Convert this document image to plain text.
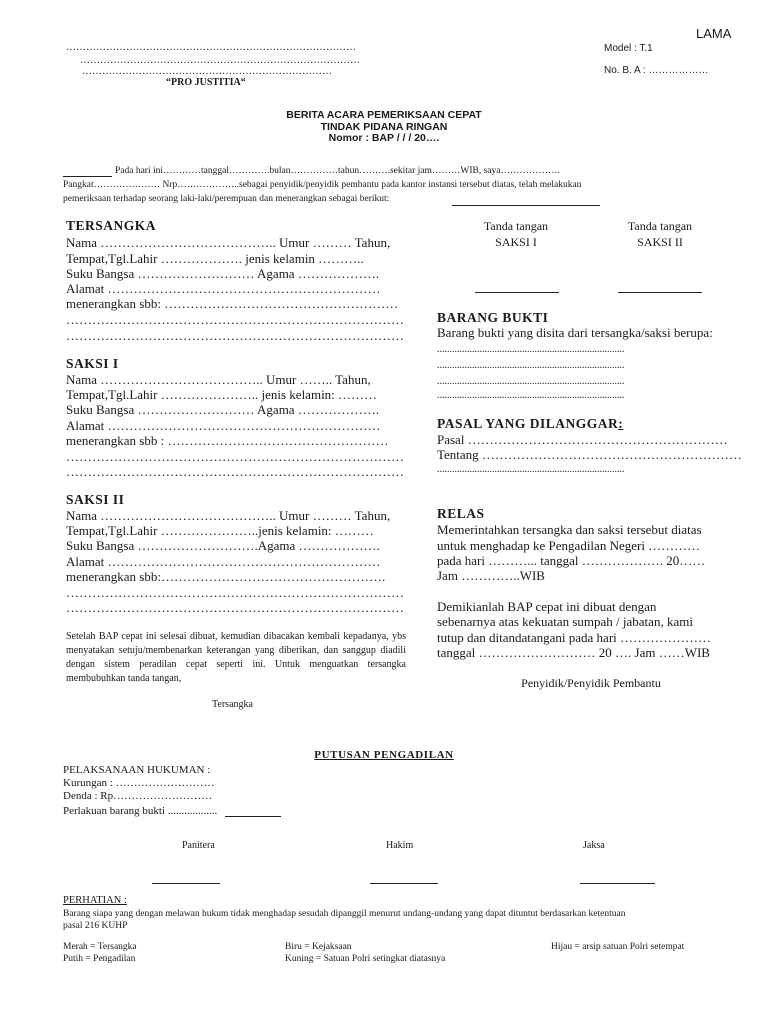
LAMA
……………………………………………………………………………
…………………………………………………………………………
…………………………………………………………………
“PRO JUSTITIA“
Model : T.1
No. B. A : ………………
BERITA ACARA PEMERIKSAAN CEPAT
TINDAK PIDANA RINGAN
Nomor : BAP / / / 20….
Pada hari ini…………tanggal………….bulan……………tahun……….sekitar jam………WIB, saya……………….
Pangkat………………… Nrp………………..sebagai penyidik/penyidik pembantu pada kantor instansi tersebut diatas, telah melakukan
pemeriksaan terhadap seorang laki-laki/perempuan dan menerangkan sebagai berikut:
TERSANGKA
Nama ………………………………….. Umur ……… Tahun,
Tempat,Tgl.Lahir ………………. jenis kelamin ………..
Suku Bangsa ……………………… Agama ……………….
Alamat ………………………………………………………
menerangkan sbb: ………………………………………………
……………………………………………………………………
……………………………………………………………………
SAKSI I
Nama ……………………………….. Umur …….. Tahun,
Tempat,Tgl.Lahir ………………….. jenis kelamin: ………
Suku Bangsa ……………………… Agama ……………….
Alamat ………………………………………………………
menerangkan sbb : ……………………………………………
……………………………………………………………………
……………………………………………………………………
SAKSI II
Nama ………………………………….. Umur ……… Tahun,
Tempat,Tgl.Lahir …………………..jenis kelamin: ………
Suku Bangsa ……………………….Agama ……………….
Alamat ………………………………………………………
menerangkan sbb:…………………………………………….
……………………………………………………………………
……………………………………………………………………
Setelah BAP cepat ini selesai dibuat, kemudian dibacakan kembali kepadanya, ybs menyatakan setuju/membenarkan keterangan yang diberikan, dan sanggup diadili dengan sistem peradilan cepat seperti ini. Untuk menguatkan tersangka membubuhkan tanda tangan,
Tersangka
Tanda tangan
SAKSI I
Tanda tangan
SAKSI II
BARANG BUKTI
Barang bukti yang disita dari tersangka/saksi berupa:
...........................................................................
...........................................................................
...........................................................................
...........................................................................
PASAL YANG DILANGGAR:
Pasal ……………………………………………………
Tentang ……………………………………………………
...........................................................................
RELAS
Memerintahkan tersangka dan saksi tersebut diatas
untuk menghadap ke Pengadilan Negeri …………
pada hari ………... tanggal ………………. 20……
Jam …………..WIB
Demikianlah BAP cepat ini dibuat dengan
sebenarnya atas kekuatan sumpah / jabatan, kami
tutup dan ditandatangani pada hari …………………
tanggal ……………………… 20 …. Jam ……WIB
Penyidik/Penyidik Pembantu
PUTUSAN PENGADILAN
PELAKSANAAN HUKUMAN :
Kurungan : ………………………
Denda : Rp………………………
Perlakuan barang bukti ..................
Panitera	Hakim	Jaksa
PERHATIAN :
Barang siapa yang dengan melawan hukum tidak menghadap sesudah dipanggil menurut undang-undang yang dapat dituntut berdasarkan ketentuan
pasal 216 KUHP
Merah = Tersangka
Putih = Pengadilan
Biru = Kejaksaan
Kuning = Satuan Polri setingkat diatasnya
Hijau = arsip satuan Polri setempat
